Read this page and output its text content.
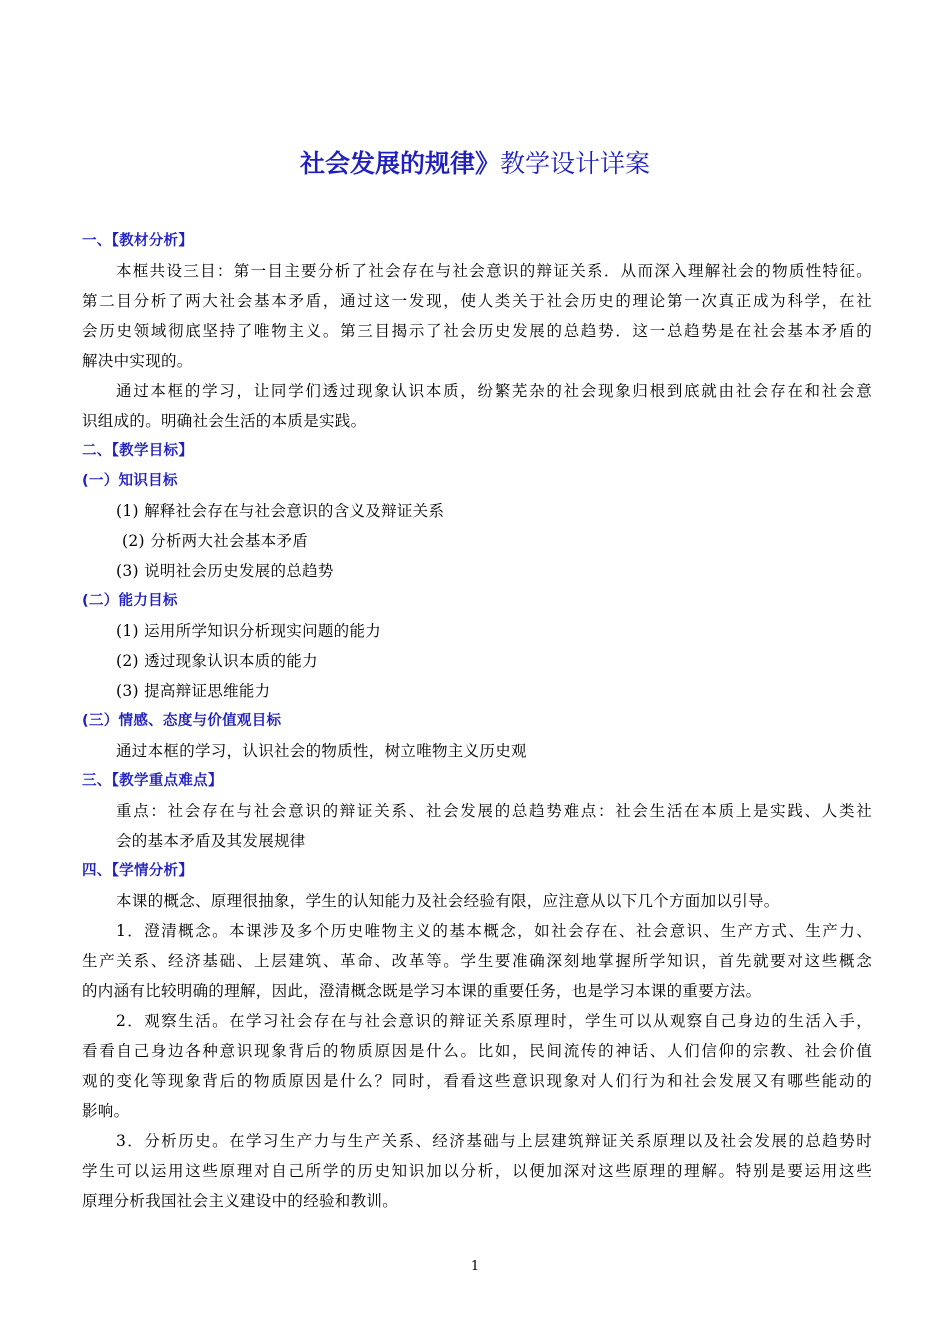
社会发展的规律》教学设计详案
一、【教材分析】
本框共设三目：第一目主要分析了社会存在与社会意识的辩证关系．从而深入理解社会的物质性特征。
第二目分析了两大社会基本矛盾，通过这一发现，使人类关于社会历史的理论第一次真正成为科学，在社
会历史领域彻底坚持了唯物主义。第三目揭示了社会历史发展的总趋势．这一总趋势是在社会基本矛盾的
解决中实现的。
通过本框的学习，让同学们透过现象认识本质，纷繁芜杂的社会现象归根到底就由社会存在和社会意
识组成的。明确社会生活的本质是实践。
二、【教学目标】
(一）知识目标
(1) 解释社会存在与社会意识的含义及辩证关系
(2) 分析两大社会基本矛盾
(3) 说明社会历史发展的总趋势
(二）能力目标
(1) 运用所学知识分析现实问题的能力
(2) 透过现象认识本质的能力
(3) 提高辩证思维能力
(三）情感、态度与价值观目标
通过本框的学习，认识社会的物质性，树立唯物主义历史观
三、【教学重点难点】
重点：社会存在与社会意识的辩证关系、社会发展的总趋势难点：社会生活在本质上是实践、人类社
会的基本矛盾及其发展规律
四、【学情分析】
本课的概念、原理很抽象，学生的认知能力及社会经验有限，应注意从以下几个方面加以引导。
1．澄清概念。本课涉及多个历史唯物主义的基本概念，如社会存在、社会意识、生产方式、生产力、
生产关系、经济基础、上层建筑、革命、改革等。学生要准确深刻地掌握所学知识，首先就要对这些概念
的内涵有比较明确的理解，因此，澄清概念既是学习本课的重要任务，也是学习本课的重要方法。
2．观察生活。在学习社会存在与社会意识的辩证关系原理时，学生可以从观察自己身边的生活入手，
看看自己身边各种意识现象背后的物质原因是什么。比如，民间流传的神话、人们信仰的宗教、社会价值
观的变化等现象背后的物质原因是什么？同时，看看这些意识现象对人们行为和社会发展又有哪些能动的
影响。
3．分析历史。在学习生产力与生产关系、经济基础与上层建筑辩证关系原理以及社会发展的总趋势时
学生可以运用这些原理对自己所学的历史知识加以分析，以便加深对这些原理的理解。特别是要运用这些
原理分析我国社会主义建设中的经验和教训。
1
